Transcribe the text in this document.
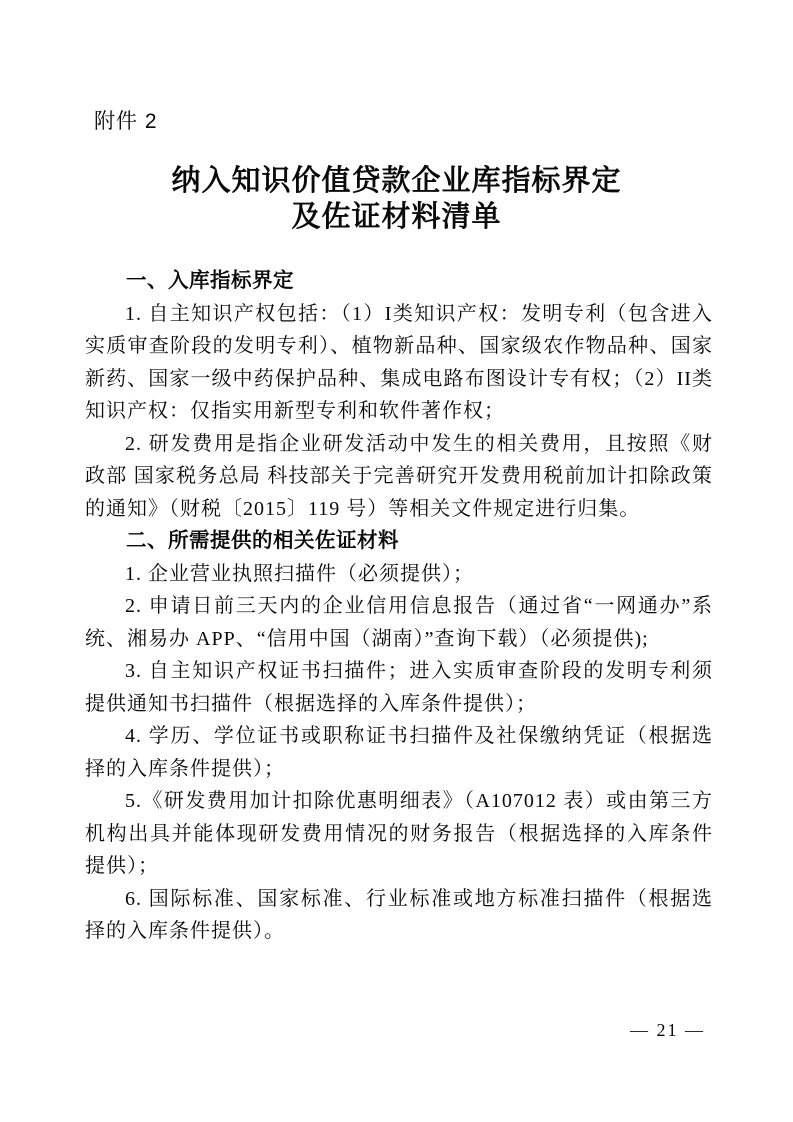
附件 2
纳入知识价值贷款企业库指标界定
及佐证材料清单
一、入库指标界定

1. 自主知识产权包括：（1）I类知识产权：发明专利（包含进入实质审查阶段的发明专利）、植物新品种、国家级农作物品种、国家新药、国家一级中药保护品种、集成电路布图设计专有权；（2）II类知识产权：仅指实用新型专利和软件著作权；

2. 研发费用是指企业研发活动中发生的相关费用，且按照《财政部 国家税务总局 科技部关于完善研究开发费用税前加计扣除政策的通知》（财税〔2015〕119 号）等相关文件规定进行归集。

二、所需提供的相关佐证材料

1. 企业营业执照扫描件（必须提供）；

2. 申请日前三天内的企业信用信息报告（通过省“一网通办”系统、湘易办 APP、“信用中国（湖南）”查询下载）（必须提供);

3. 自主知识产权证书扫描件；进入实质审查阶段的发明专利须提供通知书扫描件（根据选择的入库条件提供）；

4. 学历、学位证书或职称证书扫描件及社保缴纳凭证（根据选择的入库条件提供）；

5.《研发费用加计扣除优惠明细表》（A107012 表）或由第三方机构出具并能体现研发费用情况的财务报告（根据选择的入库条件提供）；

6. 国际标准、国家标准、行业标准或地方标准扫描件（根据选择的入库条件提供）。

— 21 —
